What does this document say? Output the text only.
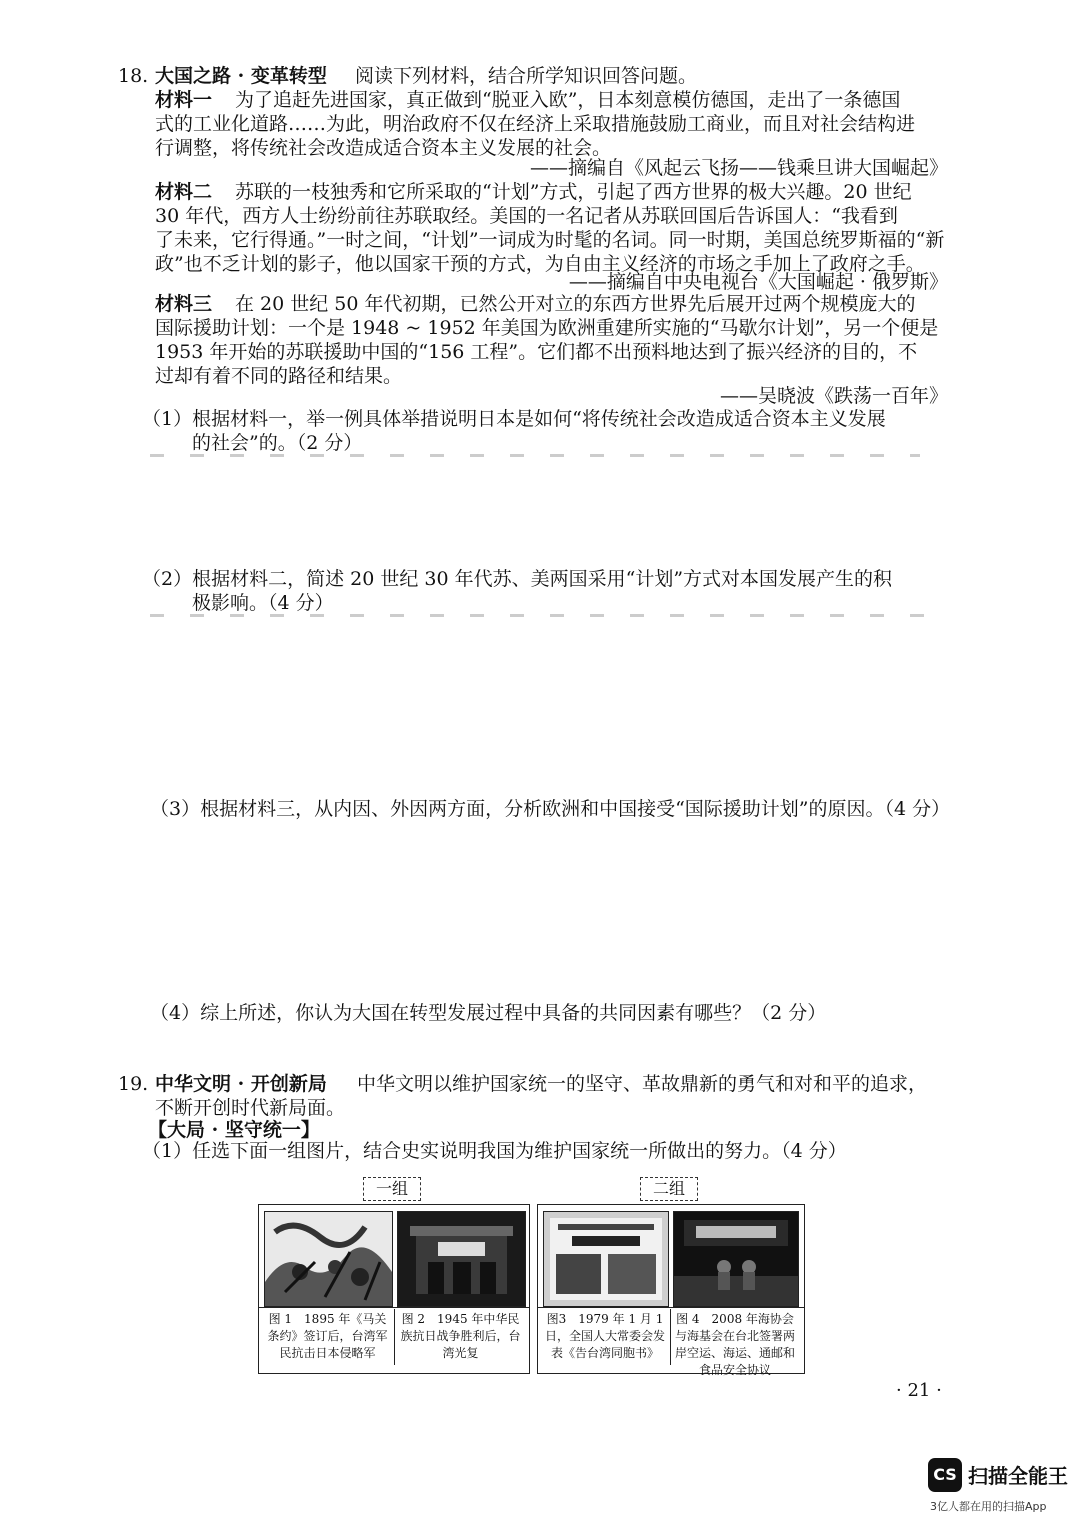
18. 大国之路 · 变革转型 阅读下列材料，结合所学知识回答问题。
材料一 为了追赶先进国家，真正做到“脱亚入欧”，日本刻意模仿德国，走出了一条德国
式的工业化道路……为此，明治政府不仅在经济上采取措施鼓励工商业，而且对社会结构进
行调整，将传统社会改造成适合资本主义发展的社会。
——摘编自《风起云飞扬——钱乘旦讲大国崛起》
材料二 苏联的一枝独秀和它所采取的“计划”方式，引起了西方世界的极大兴趣。20 世纪
30 年代，西方人士纷纷前往苏联取经。美国的一名记者从苏联回国后告诉国人：“我看到
了未来，它行得通。”一时之间，“计划”一词成为时髦的名词。同一时期，美国总统罗斯福的“新
政”也不乏计划的影子，他以国家干预的方式，为自由主义经济的市场之手加上了政府之手。
——摘编自中央电视台《大国崛起 · 俄罗斯》
材料三 在 20 世纪 50 年代初期，已然公开对立的东西方世界先后展开过两个规模庞大的
国际援助计划：一个是 1948 ~ 1952 年美国为欧洲重建所实施的“马歇尔计划”，另一个便是
1953 年开始的苏联援助中国的“156 工程”。它们都不出预料地达到了振兴经济的目的，不
过却有着不同的路径和结果。
——吴晓波《跌荡一百年》
（1）根据材料一，举一例具体举措说明日本是如何“将传统社会改造成适合资本主义发展
的社会”的。（2 分）
（2）根据材料二，简述 20 世纪 30 年代苏、美两国采用“计划”方式对本国发展产生的积
极影响。（4 分）
（3）根据材料三，从内因、外因两方面，分析欧洲和中国接受“国际援助计划”的原因。（4 分）
（4）综上所述，你认为大国在转型发展过程中具备的共同因素有哪些？（2 分）
19. 中华文明 · 开创新局 中华文明以维护国家统一的坚守、革故鼎新的勇气和对和平的追求，
不断开创时代新局面。
【大局 · 坚守统一】
（1）任选下面一组图片，结合史实说明我国为维护国家统一所做出的努力。（4 分）
一组	二组
图 1　1895 年《马关条约》签订后，台湾军民抗击日本侵略军
图 2　1945 年中华民族抗日战争胜利后，台湾光复
图3　1979 年 1 月 1 日，全国人大常委会发表《告台湾同胞书》
图 4　2008 年海协会与海基会在台北签署两岸空运、海运、通邮和食品安全协议
· 21 ·
CS 扫描全能王
3亿人都在用的扫描App
